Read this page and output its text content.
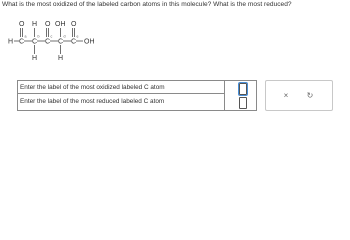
What is the most oxidized of the labeled carbon atoms in this molecule? What is the most reduced?
H C C C C C OH
O H O OH O
H	H
a	b	c	d	e
Enter the label of the most oxidized labeled C atom
Enter the label of the most reduced labeled C atom
× ↻
